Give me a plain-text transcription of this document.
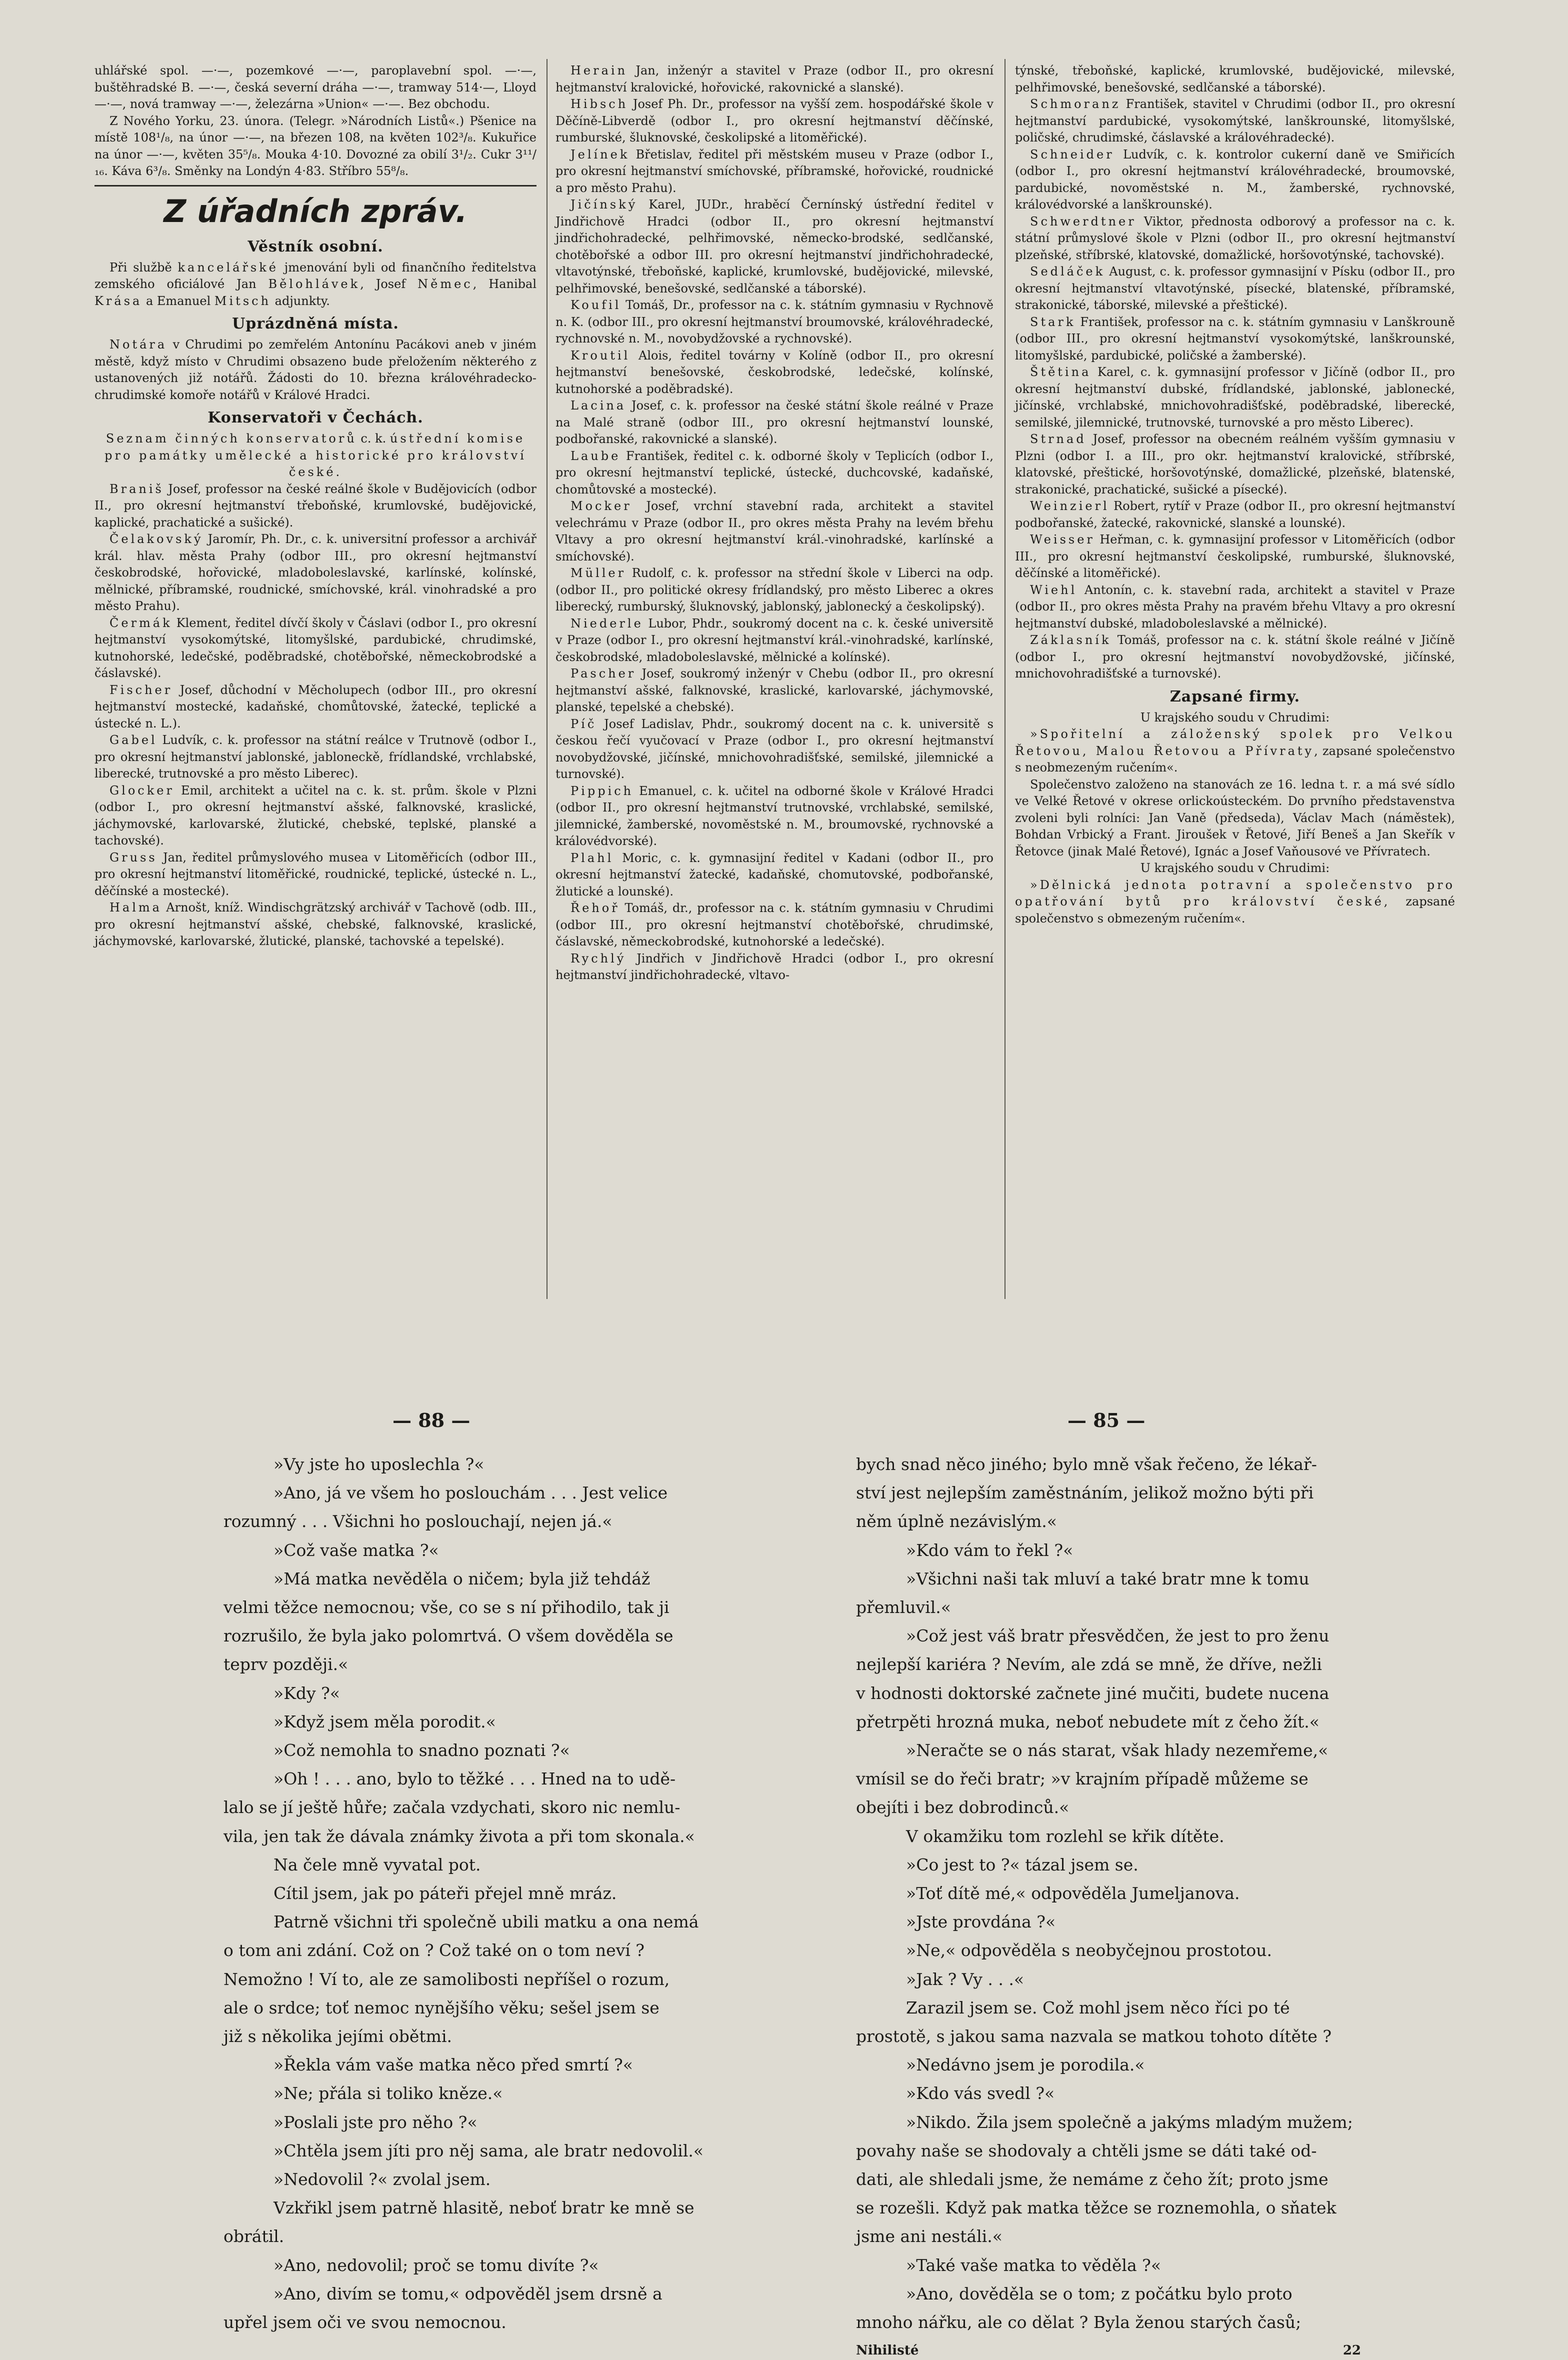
uhlářské spol. —·—, pozemkové —·—, paroplavební spol. —·—, buštěhradské B. —·—, česká severní dráha —·—, tramway 514·—, Lloyd —·—, nová tramway —·—, železárna »Union« —·—. Bez obchodu.

Z Nového Yorku, 23. února. (Telegr. »Národních Listů«.) Pšenice na místě 108¹/₈, na únor —·—, na březen 108, na květen 102³/₈. Kukuřice na únor —·—, květen 35⁵/₈. Mouka 4·10. Dovozné za obilí 3¹/₂. Cukr 3¹¹/₁₆. Káva 6³/₈. Směnky na Londýn 4·83. Stříbro 55⁸/₈.

Z úřadních zpráv.
Věstník osobní.

Při službě kancelářské jmenování byli od finančního ředitelstva zemského oficiálové Jan Bělohlávek, Josef Němec, Hanibal Krása a Emanuel Mitsch adjunkty.

Uprázdněná místa.

Notára v Chrudimi po zemřelém Antonínu Pacákovi aneb v jiném městě, když místo v Chrudimi obsazeno bude přeložením některého z ustanovených již notářů. Žádosti do 10. března královéhradecko-chrudimské komoře notářů v Králové Hradci.

Konservatoři v Čechách.

Seznam činných konservatorů c. k. ústřední komise pro památky umělecké a historické pro království české.

Braniš Josef, professor na české reálné škole v Budějovicích (odbor II., pro okresní hejtmanství třeboňské, krumlovské, budějovické, kaplické, prachatické a sušické).

Čelakovský Jaromír, Ph. Dr., c. k. universitní professor a archivář král. hlav. města Prahy (odbor III., pro okresní hejtmanství českobrodské, hořovické, mladoboleslavské, karlínské, kolínské, mělnické, příbramské, roudnické, smíchovské, král. vinohradské a pro město Prahu).

Čermák Klement, ředitel dívčí školy v Čáslavi (odbor I., pro okresní hejtmanství vysokomýtské, litomyšlské, pardubické, chrudimské, kutnohorské, ledečské, poděbradské, chotěbořské, německobrodské a čáslavské).

Fischer Josef, důchodní v Měcholupech (odbor III., pro okresní hejtmanství mostecké, kadaňské, chomůtovské, žatecké, teplické a ústecké n. L.).

Gabel Ludvík, c. k. professor na státní reálce v Trutnově (odbor I., pro okresní hejtmanství jablonské, jabloneckě, frídlandské, vrchlabské, liberecké, trutnovské a pro město Liberec).

Glocker Emil, architekt a učitel na c. k. st. prům. škole v Plzni (odbor I., pro okresní hejtmanství ašské, falknovské, kraslické, jáchymovské, karlovarské, žlutické, chebské, teplské, planské a tachovské).

Gruss Jan, ředitel průmyslového musea v Litoměřicích (odbor III., pro okresní hejtmanství litoměřické, roudnické, teplické, ústecké n. L., děčínské a mostecké).

Halma Arnošt, kníž. Windischgrätzský archivář v Tachově (odb. III., pro okresní hejtmanství ašské, chebské, falknovské, kraslické, jáchymovské, karlovarské, žlutické, planské, tachovské a tepelské).

Herain Jan, inženýr a stavitel v Praze (odbor II., pro okresní hejtmanství kralovické, hořovické, rakovnické a slanské).

Hibsch Josef Ph. Dr., professor na vyšší zem. hospodářské škole v Děčíně-Libverdě (odbor I., pro okresní hejtmanství děčínské, rumburské, šluknovské, českolipské a litoměřické).

Jelínek Břetislav, ředitel při městském museu v Praze (odbor I., pro okresní hejtmanství smíchovské, příbramské, hořovické, roudnické a pro město Prahu).

Jičínský Karel, JUDr., hraběcí Černínský ústřední ředitel v Jindřichově Hradci (odbor II., pro okresní hejtmanství jindřichohradecké, pelhřimovské, německo-brodské, sedlčanské, chotěbořské a odbor III. pro okresní hejtmanství jindřichohradecké, vltavotýnské, třeboňské, kaplické, krumlovské, budějovické, milevské, pelhřimovské, benešovské, sedlčanské a táborské).

Koufil Tomáš, Dr., professor na c. k. státním gymnasiu v Rychnově n. K. (odbor III., pro okresní hejtmanství broumovské, královéhradecké, rychnovské n. M., novobydžovské a rychnovské).

Kroutil Alois, ředitel továrny v Kolíně (odbor II., pro okresní hejtmanství benešovské, českobrodské, ledečské, kolínské, kutnohorské a poděbradské).

Lacina Josef, c. k. professor na české státní škole reálné v Praze na Malé straně (odbor III., pro okresní hejtmanství lounské, podbořanské, rakovnické a slanské).

Laube František, ředitel c. k. odborné školy v Teplicích (odbor I., pro okresní hejtmanství teplické, ústecké, duchcovské, kadaňské, chomůtovské a mostecké).

Mocker Josef, vrchní stavební rada, architekt a stavitel velechrámu v Praze (odbor II., pro okres města Prahy na levém břehu Vltavy a pro okresní hejtmanství král.-vinohradské, karlínské a smíchovské).

Müller Rudolf, c. k. professor na střední škole v Liberci na odp. (odbor II., pro politické okresy frídlandský, pro město Liberec a okres liberecký, rumburský, šluknovský, jablonský, jablonecký a českolipský).

Niederle Lubor, Phdr., soukromý docent na c. k. české universitě v Praze (odbor I., pro okresní hejtmanství král.-vinohradské, karlínské, českobrodské, mladoboleslavské, mělnické a kolínské).

Pascher Josef, soukromý inženýr v Chebu (odbor II., pro okresní hejtmanství ašské, falknovské, kraslické, karlovarské, jáchymovské, planské, tepelské a chebské).

Píč Josef Ladislav, Phdr., soukromý docent na c. k. universitě s českou řečí vyučovací v Praze (odbor I., pro okresní hejtmanství novobydžovské, jičínské, mnichovohradišťské, semilské, jilemnické a turnovské).

Pippich Emanuel, c. k. učitel na odborné škole v Králové Hradci (odbor II., pro okresní hejtmanství trutnovské, vrchlabské, semilské, jilemnické, žamberské, novoměstské n. M., broumovské, rychnovské a královédvorské).

Plahl Moric, c. k. gymnasijní ředitel v Kadani (odbor II., pro okresní hejtmanství žatecké, kadaňské, chomutovské, podbořanské, žlutické a lounské).

Řehoř Tomáš, dr., professor na c. k. státním gymnasiu v Chrudimi (odbor III., pro okresní hejtmanství chotěbořské, chrudimské, čáslavské, německobrodské, kutnohorské a ledečské).

Rychlý Jindřich v Jindřichově Hradci (odbor I., pro okresní hejtmanství jindřichohradecké, vltavo-

týnské, třeboňské, kaplické, krumlovské, budějovické, milevské, pelhřimovské, benešovské, sedlčanské a táborské).

Schmoranz František, stavitel v Chrudimi (odbor II., pro okresní hejtmanství pardubické, vysokomýtské, lanškrounské, litomyšlské, poličské, chrudimské, čáslavské a královéhradecké).

Schneider Ludvík, c. k. kontrolor cukerní daně ve Smiřicích (odbor I., pro okresní hejtmanství královéhradecké, broumovské, pardubické, novoměstské n. M., žamberské, rychnovské, královédvorské a lanškrounské).

Schwerdtner Viktor, přednosta odborový a professor na c. k. státní průmyslové škole v Plzni (odbor II., pro okresní hejtmanství plzeňské, stříbrské, klatovské, domažlické, horšovotýnské, tachovské).

Sedláček August, c. k. professor gymnasijní v Písku (odbor II., pro okresní hejtmanství vltavotýnské, písecké, blatenské, příbramské, strakonické, táborské, milevské a přeštické).

Stark František, professor na c. k. státním gymnasiu v Lanškrouně (odbor III., pro okresní hejtmanství vysokomýtské, lanškrounské, litomyšlské, pardubické, poličské a žamberské).

Štětina Karel, c. k. gymnasijní professor v Jičíně (odbor II., pro okresní hejtmanství dubské, frídlandské, jablonské, jablonecké, jičínské, vrchlabské, mnichovohradišťské, poděbradské, liberecké, semilské, jilemnické, trutnovské, turnovské a pro město Liberec).

Strnad Josef, professor na obecném reálném vyšším gymnasiu v Plzni (odbor I. a III., pro okr. hejtmanství kralovické, stříbrské, klatovské, přeštické, horšovotýnské, domažlické, plzeňské, blatenské, strakonické, prachatické, sušické a písecké).

Weinzierl Robert, rytíř v Praze (odbor II., pro okresní hejtmanství podbořanské, žatecké, rakovnické, slanské a lounské).

Weisser Heřman, c. k. gymnasijní professor v Litoměřicích (odbor III., pro okresní hejtmanství českolipské, rumburské, šluknovské, děčínské a litoměřické).

Wiehl Antonín, c. k. stavební rada, architekt a stavitel v Praze (odbor II., pro okres města Prahy na pravém břehu Vltavy a pro okresní hejtmanství dubské, mladoboleslavské a mělnické).

Záklasník Tomáš, professor na c. k. státní škole reálné v Jičíně (odbor I., pro okresní hejtmanství novobydžovské, jičínské, mnichovohradišťské a turnovské).

Zapsané firmy.

U krajského soudu v Chrudimi:

»Spořitelní a záloženský spolek pro Velkou Řetovou, Malou Řetovou a Přívraty, zapsané společenstvo s neobmezeným ručením«.

Společenstvo založeno na stanovách ze 16. ledna t. r. a má své sídlo ve Velké Řetové v okrese orlickoústeckém. Do prvního představenstva zvoleni byli rolníci: Jan Vaně (předseda), Václav Mach (náměstek), Bohdan Vrbický a Frant. Jiroušek v Řetové, Jiří Beneš a Jan Skeřík v Řetovce (jinak Malé Řetové), Ignác a Josef Vaňousové ve Přívratech.

U krajského soudu v Chrudimi:

»Dělnická jednota potravní a společenstvo pro opatřování bytů pro království české, zapsané společenstvo s obmezeným ručením«.

— 88 —	— 85 —

»Vy jste ho uposlechla ?«

»Ano, já ve všem ho poslouchám . . . Jest velice

rozumný . . . Všichni ho poslouchají, nejen já.«

»Což vaše matka ?«

»Má matka nevěděla o ničem; byla již tehdáž

velmi těžce nemocnou; vše, co se s ní přihodilo, tak ji

rozrušilo, že byla jako polomrtvá. O všem dověděla se

teprv později.«

»Kdy ?«

»Když jsem měla porodit.«

»Což nemohla to snadno poznati ?«

»Oh ! . . . ano, bylo to těžké . . . Hned na to udě-

lalo se jí ještě hůře; začala vzdychati, skoro nic nemlu-

vila, jen tak že dávala známky života a při tom skonala.«

Na čele mně vyvatal pot.

Cítil jsem, jak po páteři přejel mně mráz.

Patrně všichni tři společně ubili matku a ona nemá

o tom ani zdání. Což on ? Což také on o tom neví ?

Nemožno ! Ví to, ale ze samolibosti nepříšel o rozum,

ale o srdce; toť nemoc nynějšího věku; sešel jsem se

již s několika jejími obětmi.

»Řekla vám vaše matka něco před smrtí ?«

»Ne; přála si toliko kněze.«

»Poslali jste pro něho ?«

»Chtěla jsem jíti pro něj sama, ale bratr nedovolil.«

»Nedovolil ?« zvolal jsem.

Vzkřikl jsem patrně hlasitě, neboť bratr ke mně se

obrátil.

»Ano, nedovolil; proč se tomu divíte ?«

»Ano, divím se tomu,« odpověděl jsem drsně a

upřel jsem oči ve svou nemocnou.

bych snad něco jiného; bylo mně však řečeno, že lékař-

ství jest nejlepším zaměstnáním, jelikož možno býti při

něm úplně nezávislým.«

»Kdo vám to řekl ?«

»Všichni naši tak mluví a také bratr mne k tomu

přemluvil.«

»Což jest váš bratr přesvědčen, že jest to pro ženu

nejlepší kariéra ? Nevím, ale zdá se mně, že dříve, nežli

v hodnosti doktorské začnete jiné mučiti, budete nucena

přetrpěti hrozná muka, neboť nebudete mít z čeho žít.«

»Neračte se o nás starat, však hlady nezemřeme,«

vmísil se do řeči bratr; »v krajním případě můžeme se

obejíti i bez dobrodinců.«

V okamžiku tom rozlehl se křik dítěte.

»Co jest to ?« tázal jsem se.

»Toť dítě mé,« odpověděla Jumeljanova.

»Jste provdána ?«

»Ne,« odpověděla s neobyčejnou prostotou.

»Jak ? Vy . . .«

Zarazil jsem se. Což mohl jsem něco říci po té

prostotě, s jakou sama nazvala se matkou tohoto dítěte ?

»Nedávno jsem je porodila.«

»Kdo vás svedl ?«

»Nikdo. Žila jsem společně a jakýms mladým mužem;

povahy naše se shodovaly a chtěli jsme se dáti také od-

dati, ale shledali jsme, že nemáme z čeho žít; proto jsme

se rozešli. Když pak matka těžce se roznemohla, o sňatek

jsme ani nestáli.«

»Také vaše matka to věděla ?«

»Ano, dověděla se o tom; z počátku bylo proto

mnoho nářku, ale co dělat ? Byla ženou starých časů;

Nihilisté	22
